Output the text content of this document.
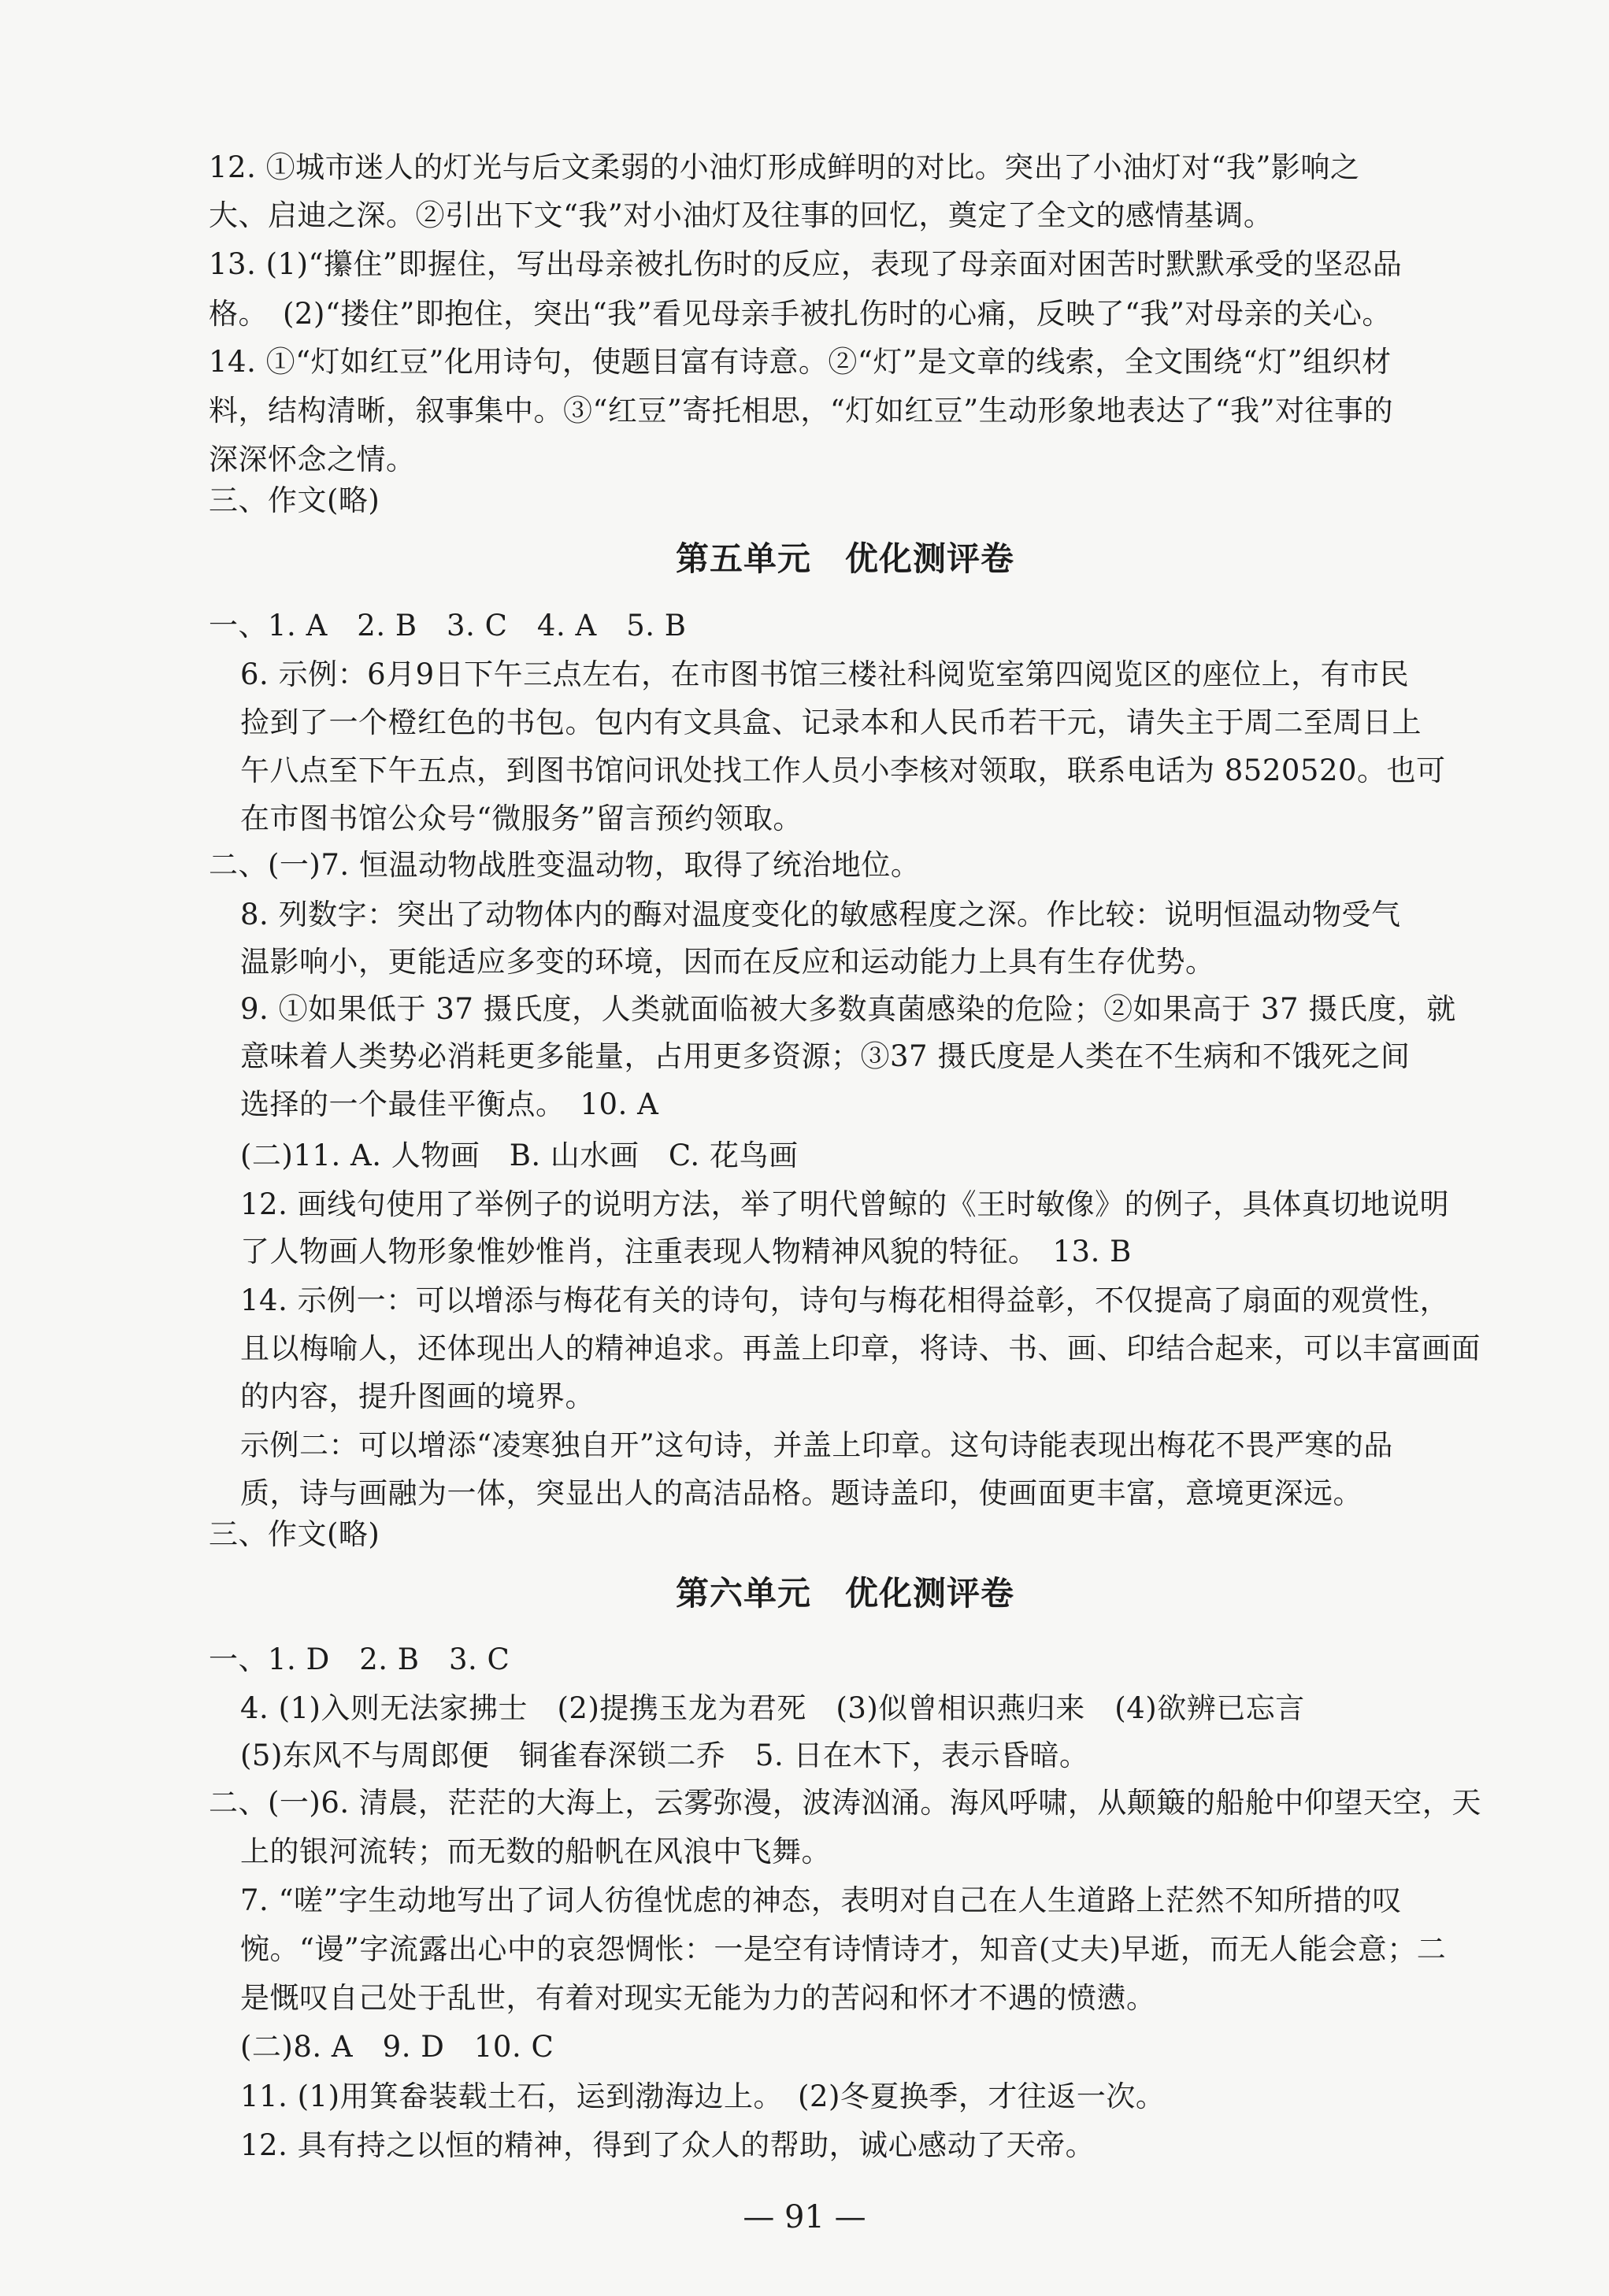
12. ①城市迷人的灯光与后文柔弱的小油灯形成鲜明的对比。突出了小油灯对“我”影响之
大、启迪之深。②引出下文“我”对小油灯及往事的回忆，奠定了全文的感情基调。
13. (1)“攥住”即握住，写出母亲被扎伤时的反应，表现了母亲面对困苦时默默承受的坚忍品
格。　(2)“搂住”即抱住，突出“我”看见母亲手被扎伤时的心痛，反映了“我”对母亲的关心。
14. ①“灯如红豆”化用诗句，使题目富有诗意。②“灯”是文章的线索，全文围绕“灯”组织材
料，结构清晰，叙事集中。③“红豆”寄托相思，“灯如红豆”生动形象地表达了“我”对往事的
深深怀念之情。
三、作文(略)
第五单元　优化测评卷
一、1. A　2. B　3. C　4. A　5. B
6. 示例：6月9日下午三点左右，在市图书馆三楼社科阅览室第四阅览区的座位上，有市民
捡到了一个橙红色的书包。包内有文具盒、记录本和人民币若干元，请失主于周二至周日上
午八点至下午五点，到图书馆问讯处找工作人员小李核对领取，联系电话为 8520520。也可
在市图书馆公众号“微服务”留言预约领取。
二、(一)7. 恒温动物战胜变温动物，取得了统治地位。
8. 列数字：突出了动物体内的酶对温度变化的敏感程度之深。作比较：说明恒温动物受气
温影响小，更能适应多变的环境，因而在反应和运动能力上具有生存优势。
9. ①如果低于 37 摄氏度，人类就面临被大多数真菌感染的危险；②如果高于 37 摄氏度，就
意味着人类势必消耗更多能量，占用更多资源；③37 摄氏度是人类在不生病和不饿死之间
选择的一个最佳平衡点。　10. A
(二)11. A. 人物画　B. 山水画　C. 花鸟画
12. 画线句使用了举例子的说明方法，举了明代曾鲸的《王时敏像》的例子，具体真切地说明
了人物画人物形象惟妙惟肖，注重表现人物精神风貌的特征。　13. B
14. 示例一：可以增添与梅花有关的诗句，诗句与梅花相得益彰，不仅提高了扇面的观赏性，
且以梅喻人，还体现出人的精神追求。再盖上印章，将诗、书、画、印结合起来，可以丰富画面
的内容，提升图画的境界。
示例二：可以增添“凌寒独自开”这句诗，并盖上印章。这句诗能表现出梅花不畏严寒的品
质，诗与画融为一体，突显出人的高洁品格。题诗盖印，使画面更丰富，意境更深远。
三、作文(略)
第六单元　优化测评卷
一、1. D　2. B　3. C
4. (1)入则无法家拂士　(2)提携玉龙为君死　(3)似曾相识燕归来　(4)欲辨已忘言
(5)东风不与周郎便　铜雀春深锁二乔　5. 日在木下，表示昏暗。
二、(一)6. 清晨，茫茫的大海上，云雾弥漫，波涛汹涌。海风呼啸，从颠簸的船舱中仰望天空，天
上的银河流转；而无数的船帆在风浪中飞舞。
7. “嗟”字生动地写出了词人彷徨忧虑的神态，表明对自己在人生道路上茫然不知所措的叹
惋。“谩”字流露出心中的哀怨惆怅：一是空有诗情诗才，知音(丈夫)早逝，而无人能会意；二
是慨叹自己处于乱世，有着对现实无能为力的苦闷和怀才不遇的愤懑。
(二)8. A　9. D　10. C
11. (1)用箕畚装载土石，运到渤海边上。　(2)冬夏换季，才往返一次。
12. 具有持之以恒的精神，得到了众人的帮助，诚心感动了天帝。
— 91 —
